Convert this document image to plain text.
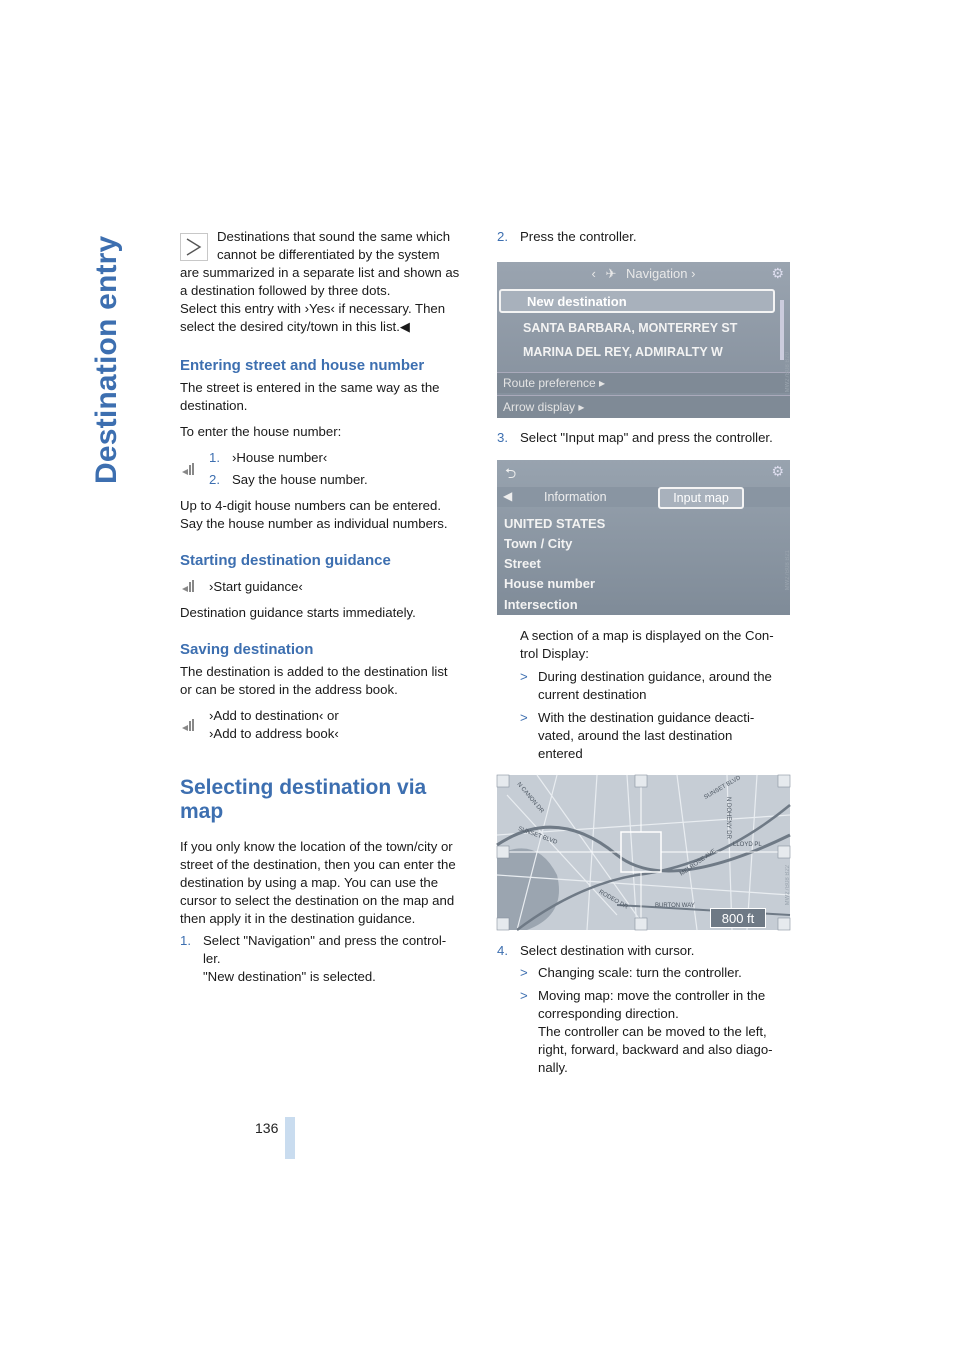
Destination entry	Destinations that sound the same which

cannot be differentiated by the system

are summarized in a separate list and shown as

a destination followed by three dots.

Select this entry with ›Yes‹ if necessary. Then

select the desired city/town in this list.◀

Entering street and house number

The street is entered in the same way as the

destination.

To enter the house number:

1. ›House number‹

2. Say the house number.

Up to 4-digit house numbers can be entered.

Say the house number as individual numbers.

Starting destination guidance

›Start guidance‹

Destination guidance starts immediately.

Saving destination

The destination is added to the destination list

or can be stored in the address book.

›Add to destination‹ or

›Add to address book‹

Selecting destination via map

If you only know the location of the town/city or

street of the destination, then you can enter the

destination by using a map. You can use the

cursor to select the destination on the map and

then apply it in the destination guidance.

1. Select "Navigation" and press the control-

ler.

"New destination" is selected.

2. Press the controller.

‹ ✈ Navigation ›	⚙
New destination
SANTA BARBARA, MONTERREY ST
MARINA DEL REY, ADMIRALTY W
Route preference ▸
Arrow display ▸
MW27B08 B20

3. Select "Input map" and press the controller.

⮌	⚙
◀	Information	Input map
UNITED STATES
Town / City
Street
House number
Intersection
MW27B08 B21

A section of a map is displayed on the Con-

trol Display:

> During destination guidance, around the

current destination

> With the destination guidance deacti-

vated, around the last destination

entered

SUNSET BLVD
N CANON DR	SUNSET BLVD
MELROSE AVE
LLOYD PL
BURTON WAY
RODEO DR
N DOHENY DR
800 ft
MW27B08 B22

4. Select destination with cursor.

> Changing scale: turn the controller.

> Moving map: move the controller in the

corresponding direction.

The controller can be moved to the left,

right, forward, backward and also diago-

nally.

136
